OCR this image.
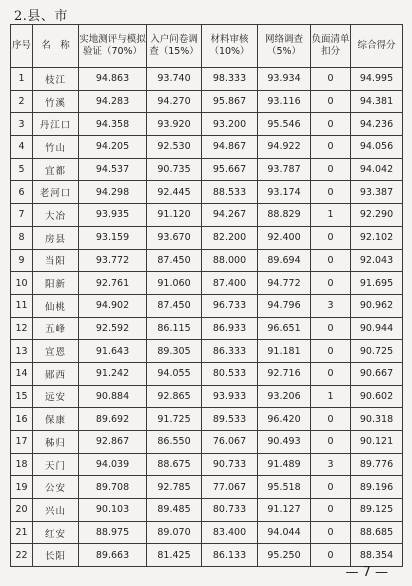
2.县、市
序号	名　称	实地测评与模拟验证（70%）	入户问卷调查（15%）	材料审核（10%）	网络调查（5%）	负面清单扣分	综合得分
1	枝江	94.863	93.740	98.333	93.934	0	94.995
2	竹溪	94.283	94.270	95.867	93.116	0	94.381
3	丹江口	94.358	93.920	93.200	95.546	0	94.236
4	竹山	94.205	92.530	94.867	94.922	0	94.056
5	宜都	94.537	90.735	95.667	93.787	0	94.042
6	老河口	94.298	92.445	88.533	93.174	0	93.387
7	大冶	93.935	91.120	94.267	88.829	1	92.290
8	房县	93.159	93.670	82.200	92.400	0	92.102
9	当阳	93.772	87.450	88.000	89.694	0	92.043
10	阳新	92.761	91.060	87.400	94.772	0	91.695
11	仙桃	94.902	87.450	96.733	94.796	3	90.962
12	五峰	92.592	86.115	86.933	96.651	0	90.944
13	宣恩	91.643	89.305	86.333	91.181	0	90.725
14	郧西	91.242	94.055	80.533	92.716	0	90.667
15	远安	90.884	92.865	93.933	93.206	1	90.602
16	保康	89.692	91.725	89.533	96.420	0	90.318
17	秭归	92.867	86.550	76.067	90.493	0	90.121
18	天门	94.039	88.675	90.733	91.489	3	89.776
19	公安	89.708	92.785	77.067	95.518	0	89.196
20	兴山	90.103	89.485	80.733	91.127	0	89.125
21	红安	88.975	89.070	83.400	94.044	0	88.685
22	长阳	89.663	81.425	86.133	95.250	0	88.354
— 7 —
